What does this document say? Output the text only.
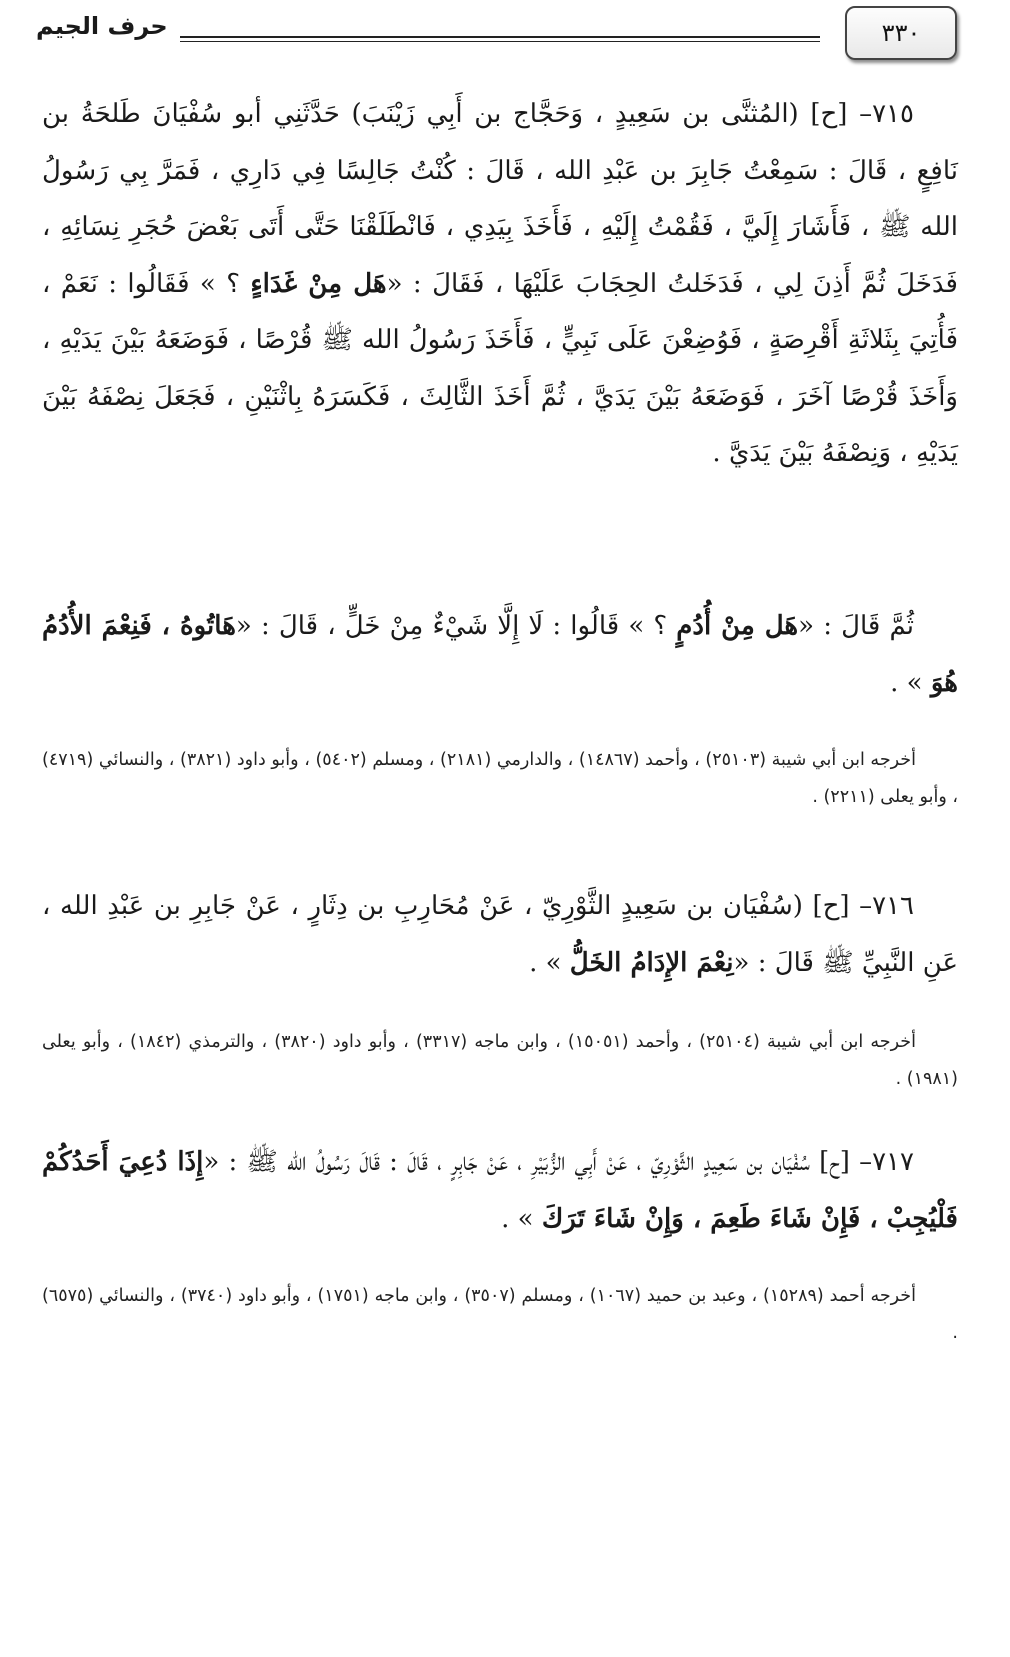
٣٣٠
حرف الجيم

٧١٥– [ح] (المُثنَّى بن سَعِيدٍ ، وَحَجَّاج بن أَبِي زَيْنَبَ) حَدَّثَنِي أبو سُفْيَانَ طَلحَةُ بن نَافِعٍ ، قَالَ : سَمِعْتُ جَابِرَ بن عَبْدِ الله ، قَالَ : كُنْتُ جَالِسًا فِي دَارِي ، فَمَرَّ بِي رَسُولُ الله ﷺ ، فَأَشَارَ إِلَيَّ ، فَقُمْتُ إِلَيْهِ ، فَأَخَذَ بِيَدِي ، فَانْطَلَقْنَا حَتَّى أَتَى بَعْضَ حُجَرِ نِسَائِهِ ، فَدَخَلَ ثُمَّ أَذِنَ لِي ، فَدَخَلتُ الحِجَابَ عَلَيْهَا ، فَقَالَ : «هَل مِنْ غَدَاءٍ ؟ » فَقَالُوا : نَعَمْ ، فَأُتِيَ بِثَلاثَةِ أَقْرِصَةٍ ، فَوُضِعْنَ عَلَى نَبِيٍّ ، فَأَخَذَ رَسُولُ الله ﷺ قُرْصًا ، فَوَضَعَهُ بَيْنَ يَدَيْهِ ، وَأَخَذَ قُرْصًا آخَرَ ، فَوَضَعَهُ بَيْنَ يَدَيَّ ، ثُمَّ أَخَذَ الثَّالِثَ ، فَكَسَرَهُ بِاثْنَيْنِ ، فَجَعَلَ نِصْفَهُ بَيْنَ يَدَيْهِ ، وَنِصْفَهُ بَيْنَ يَدَيَّ .

ثُمَّ قَالَ : «هَل مِنْ أُدُمٍ ؟ » قَالُوا : لَا إِلَّا شَيْءٌ مِنْ خَلٍّ ، قَالَ : «هَاتُوهُ ، فَنِعْمَ الأُدُمُ هُوَ » .

أخرجه ابن أبي شيبة (٢٥١٠٣) ، وأحمد (١٤٨٦٧) ، والدارمي (٢١٨١) ، ومسلم (٥٤٠٢) ، وأبو داود (٣٨٢١) ، والنسائي (٤٧١٩) ، وأبو يعلى (٢٢١١) .

٧١٦– [ح] (سُفْيَان بن سَعِيدٍ الثَّوْرِيّ ، عَنْ مُحَارِبِ بن دِثَارٍ ، عَنْ جَابِرِ بن عَبْدِ الله ، عَنِ النَّبِيِّ ﷺ قَالَ : «نِعْمَ الإِدَامُ الخَلُّ » .

أخرجه ابن أبي شيبة (٢٥١٠٤) ، وأحمد (١٥٠٥١) ، وابن ماجه (٣٣١٧) ، وأبو داود (٣٨٢٠) ، والترمذي (١٨٤٢) ، وأبو يعلى (١٩٨١) .

٧١٧– [ح] سُفْيَان بن سَعِيدٍ الثَّوْرِيّ ، عَنْ أَبِي الزُّبَيْرِ ، عَنْ جَابِرٍ ، قَالَ : قَالَ رَسُولُ الله ﷺ : «إِذَا دُعِيَ أَحَدُكُمْ فَلْيُجِبْ ، فَإِنْ شَاءَ طَعِمَ ، وَإِنْ شَاءَ تَرَكَ » .

أخرجه أحمد (١٥٢٨٩) ، وعبد بن حميد (١٠٦٧) ، ومسلم (٣٥٠٧) ، وابن ماجه (١٧٥١) ، وأبو داود (٣٧٤٠) ، والنسائي (٦٥٧٥) .
